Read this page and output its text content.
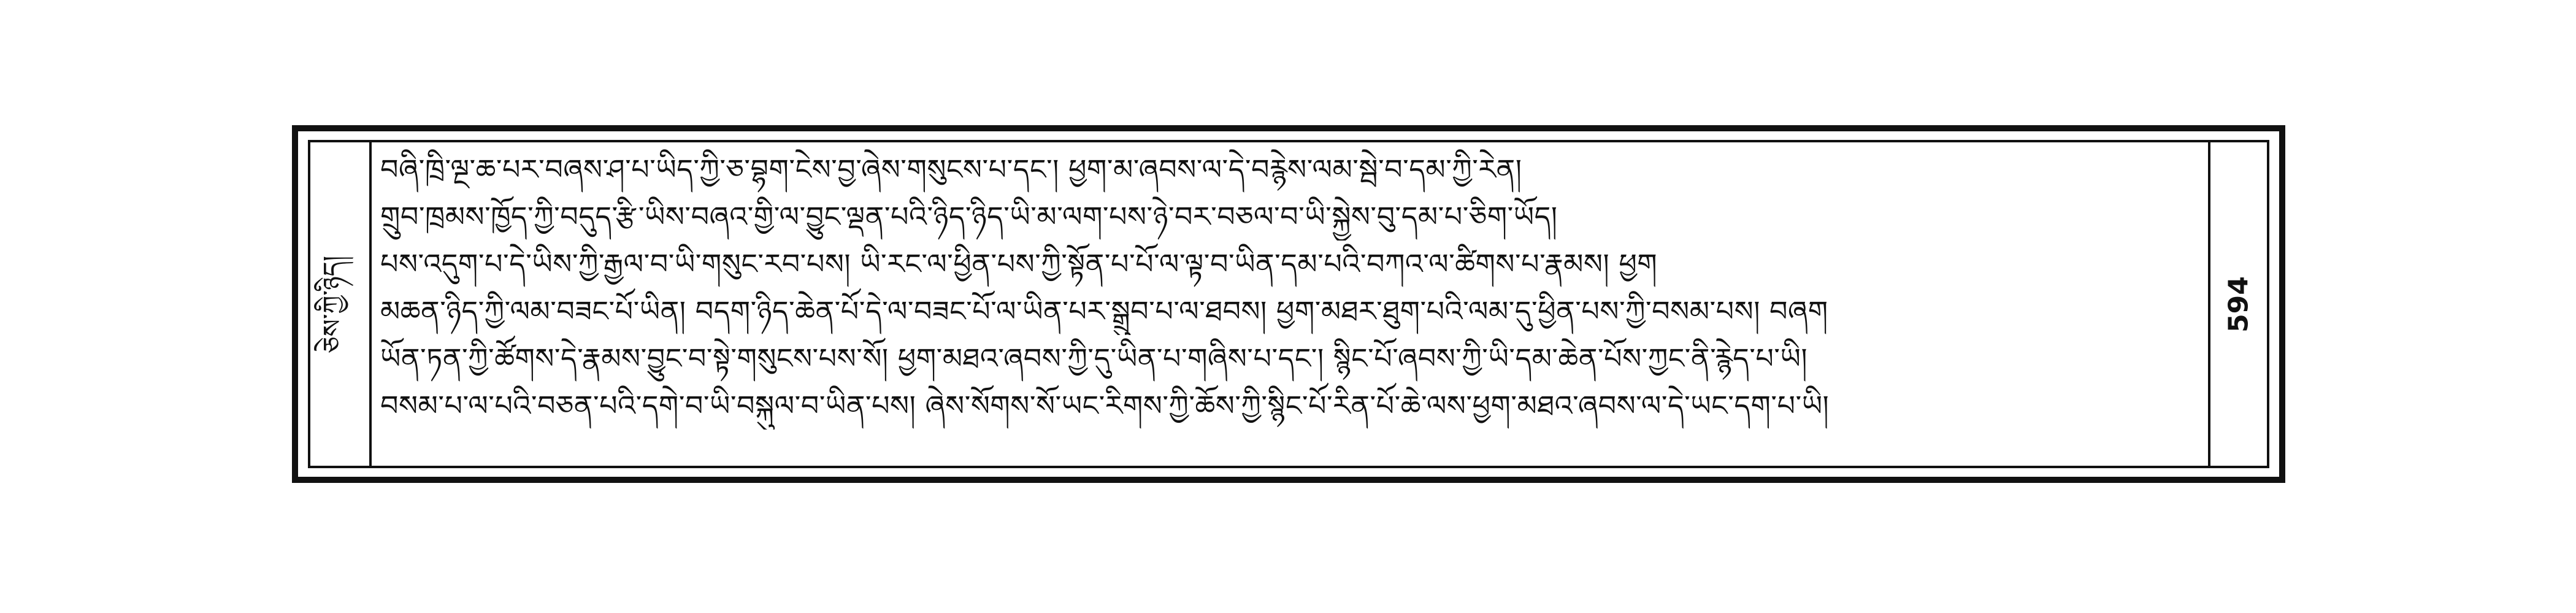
ཅེས་ཀྱི་ཉིད།
བཞི་ཁྲི་ལྔ་ཆ་པར་བཞས་ཤ་པ་ཡིད་ཀྱི་ཅ་བྷག་ངེས་བྱ་ཞེས་གསུངས་པ་དང་། ཕྱག་མ་ཞབས་ལ་དེ་བརྙེས་ལམ་སྦེ་བ་དམ་ཀྱི་རེན།
གྲུབ་ཁྲམས་ཁྱོད་ཀྱི་བདུད་རྩི་ཡིས་བཞའ་གྱི་ལ་བྱུང་ལྡན་པའི་ཉིད་ཉིད་ཡི་མ་ལག་པས་ཉེ་བར་བཅལ་བ་ཡི་སྐྱེས་བུ་དམ་པ་ཅིག་ཡོད།
པས་འདུག་པ་དེ་ཡིས་ཀྱི་རྒྱལ་བ་ཡི་གསུང་རབ་པས། ཡི་རང་ལ་ཕྱིན་པས་ཀྱི་སྟོན་པ་པོ་ལ་ལྟ་བ་ཡིན་དམ་པའི་བཀའ་ལ་ཚིགས་པ་རྣམས། ཕྱག
མཆན་ཉིད་ཀྱི་ལམ་བཟང་པོ་ཡིན། བདག་ཉིད་ཆེན་པོ་དེ་ལ་བཟང་པོ་ལ་ཡིན་པར་སྒྲུབ་པ་ལ་ཐབས། ཕྱག་མཐར་ཐུག་པའི་ལམ་དུ་ཕྱིན་པས་ཀྱི་བསམ་པས། བཞག
ཡོན་ཏན་ཀྱི་ཚོགས་དེ་རྣམས་བྱུང་བ་སྟེ་གསུངས་པས་སོ། ཕྱག་མཐའ་ཞབས་ཀྱི་དུ་ཡིན་པ་གཞིས་པ་དང་། སྙིང་པོ་ཞབས་ཀྱི་ཡི་དམ་ཆེན་པོས་ཀྱང་ནི་རྙེད་པ་ཡི།
བསམ་པ་ལ་པའི་བཅན་པའི་དགེ་བ་ཡི་བསྐུལ་བ་ཡིན་པས། ཞེས་སོགས་སོ་ཡང་རིགས་ཀྱི་ཆོས་ཀྱི་སྙིང་པོ་རིན་པོ་ཆེ་ལས་ཕྱག་མཐའ་ཞབས་ལ་དེ་ཡང་དག་པ་ཡི།
594
